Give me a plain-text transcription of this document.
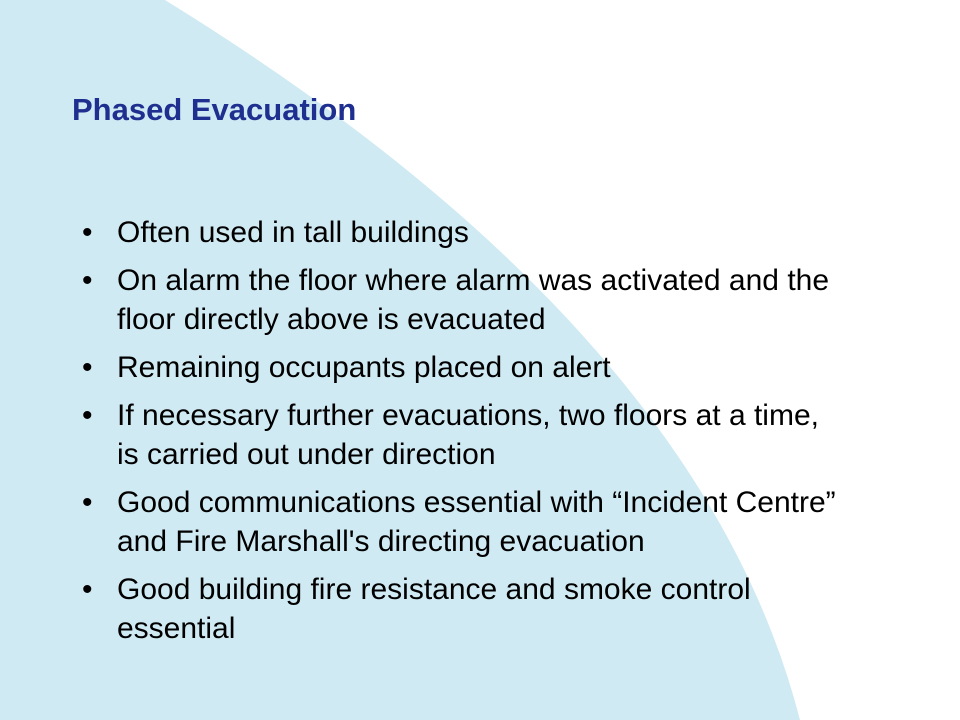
Phased Evacuation
• Often used in tall buildings
• On alarm the floor where alarm was activated and the floor directly above is evacuated
• Remaining occupants placed on alert
• If necessary further evacuations, two floors at a time, is carried out under direction
• Good communications essential with “Incident Centre” and Fire Marshall's directing evacuation
• Good building fire resistance and smoke control essential
